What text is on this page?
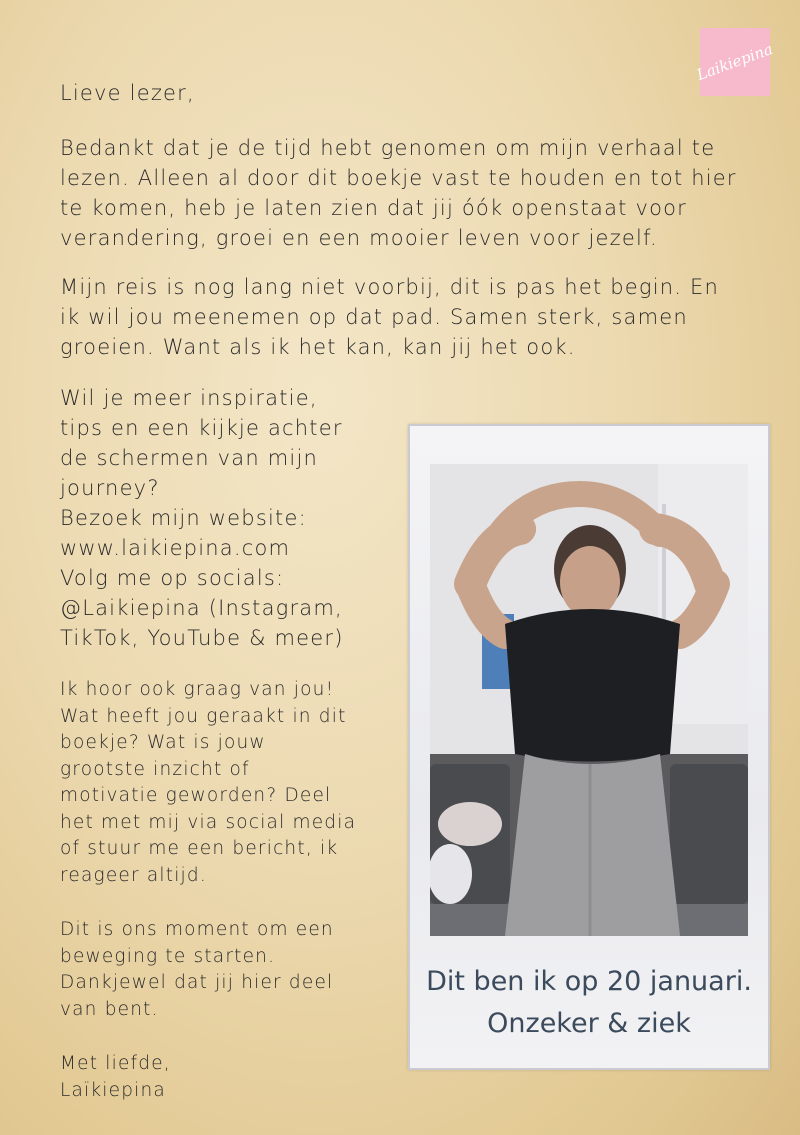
Laikiepina
Lieve lezer,
Bedankt dat je de tijd hebt genomen om mijn verhaal te
lezen. Alleen al door dit boekje vast te houden en tot hier
te komen, heb je laten zien dat jij óók openstaat voor
verandering, groei en een mooier leven voor jezelf.
Mijn reis is nog lang niet voorbij, dit is pas het begin. En
ik wil jou meenemen op dat pad. Samen sterk, samen
groeien. Want als ik het kan, kan jij het ook.
Wil je meer inspiratie,
tips en een kijkje achter
de schermen van mijn
journey?
Bezoek mijn website:
www.laikiepina.com
Volg me op socials:
@Laikiepina (Instagram,
TikTok, YouTube & meer)
Ik hoor ook graag van jou!
Wat heeft jou geraakt in dit
boekje? Wat is jouw
grootste inzicht of
motivatie geworden? Deel
het met mij via social media
of stuur me een bericht, ik
reageer altijd.
Dit is ons moment om een
beweging te starten.
Dankjewel dat jij hier deel
van bent.
Met liefde,
Laïkiepina
Dit ben ik op 20 januari.
Onzeker & ziek
